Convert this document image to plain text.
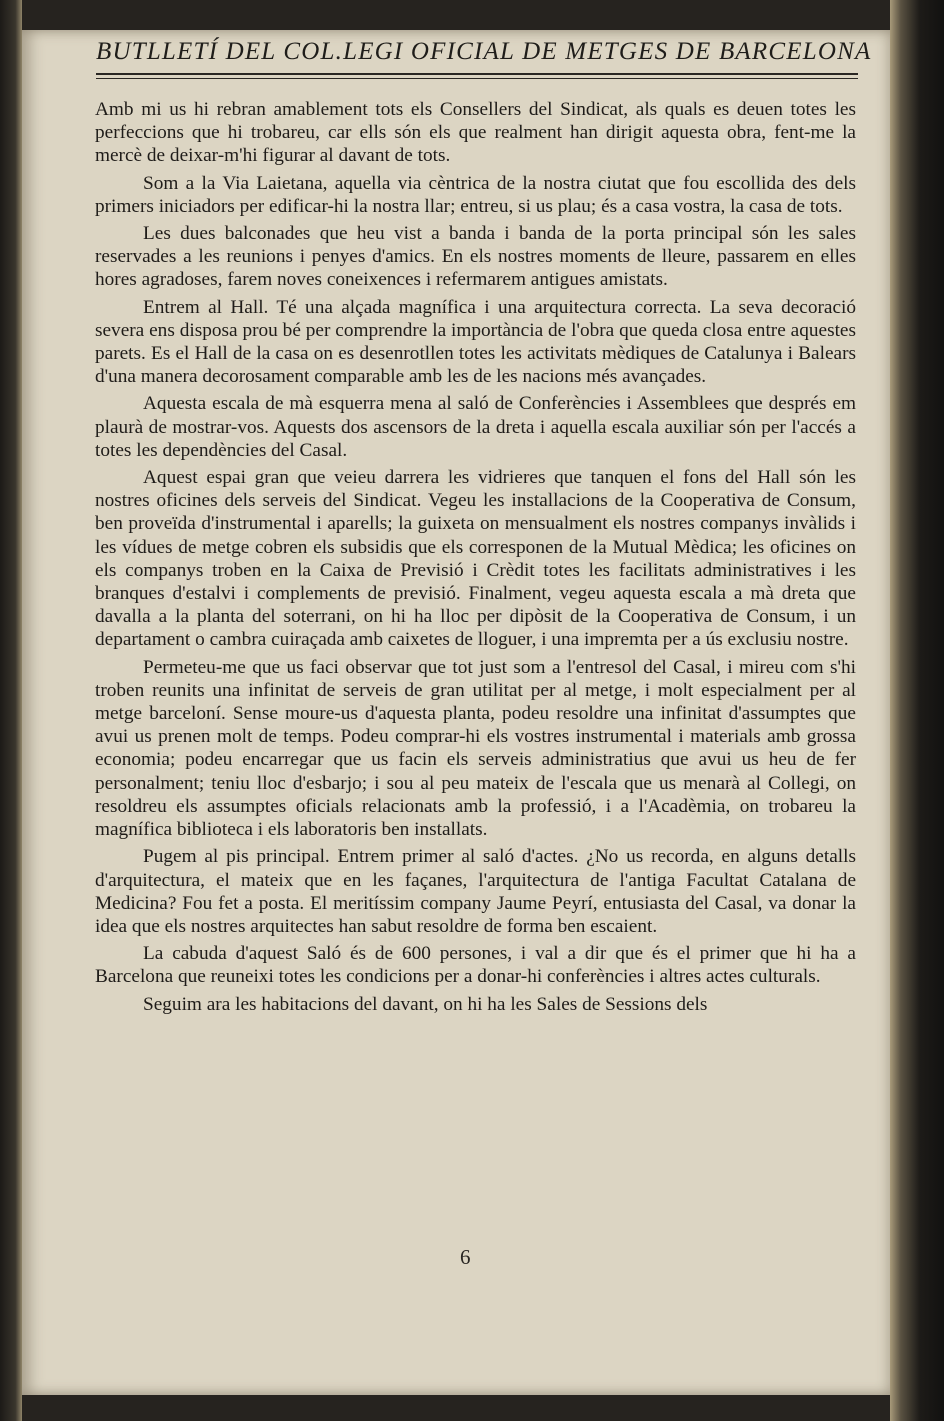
BUTLLETÍ DEL COL.LEGI OFICIAL DE METGES DE BARCELONA

Amb mi us hi rebran amablement tots els Consellers del Sindicat, als quals es deuen totes les perfeccions que hi trobareu, car ells són els que realment han dirigit aquesta obra, fent-me la mercè de deixar-m'hi figurar al davant de tots.

Som a la Via Laietana, aquella via cèntrica de la nostra ciutat que fou escollida des dels primers iniciadors per edificar-hi la nostra llar; entreu, si us plau; és a casa vostra, la casa de tots.

Les dues balconades que heu vist a banda i banda de la porta principal són les sales reservades a les reunions i penyes d'amics. En els nostres moments de lleure, passarem en elles hores agradoses, farem noves coneixences i refermarem antigues amistats.

Entrem al Hall. Té una alçada magnífica i una arquitectura correcta. La seva decoració severa ens disposa prou bé per comprendre la importància de l'obra que queda closa entre aquestes parets. Es el Hall de la casa on es desenrotllen totes les activitats mèdiques de Catalunya i Balears d'una manera decorosament comparable amb les de les nacions més avançades.

Aquesta escala de mà esquerra mena al saló de Conferències i Assemblees que després em plaurà de mostrar-vos. Aquests dos ascensors de la dreta i aquella escala auxiliar són per l'accés a totes les dependències del Casal.

Aquest espai gran que veieu darrera les vidrieres que tanquen el fons del Hall són les nostres oficines dels serveis del Sindicat. Vegeu les installacions de la Cooperativa de Consum, ben proveïda d'instrumental i aparells; la guixeta on mensualment els nostres companys invàlids i les vídues de metge cobren els subsidis que els corresponen de la Mutual Mèdica; les oficines on els companys troben en la Caixa de Previsió i Crèdit totes les facilitats administratives i les branques d'estalvi i complements de previsió. Finalment, vegeu aquesta escala a mà dreta que davalla a la planta del soterrani, on hi ha lloc per dipòsit de la Cooperativa de Consum, i un departament o cambra cuiraçada amb caixetes de lloguer, i una impremta per a ús exclusiu nostre.

Permeteu-me que us faci observar que tot just som a l'entresol del Casal, i mireu com s'hi troben reunits una infinitat de serveis de gran utilitat per al metge, i molt especialment per al metge barceloní. Sense moure-us d'aquesta planta, podeu resoldre una infinitat d'assumptes que avui us prenen molt de temps. Podeu comprar-hi els vostres instrumental i materials amb grossa economia; podeu encarregar que us facin els serveis administratius que avui us heu de fer personalment; teniu lloc d'esbarjo; i sou al peu mateix de l'escala que us menarà al Collegi, on resoldreu els assumptes oficials relacionats amb la professió, i a l'Acadèmia, on trobareu la magnífica biblioteca i els laboratoris ben installats.

Pugem al pis principal. Entrem primer al saló d'actes. ¿No us recorda, en alguns detalls d'arquitectura, el mateix que en les façanes, l'arquitectura de l'antiga Facultat Catalana de Medicina? Fou fet a posta. El meritíssim company Jaume Peyrí, entusiasta del Casal, va donar la idea que els nostres arquitectes han sabut resoldre de forma ben escaient.

La cabuda d'aquest Saló és de 600 persones, i val a dir que és el primer que hi ha a Barcelona que reuneixi totes les condicions per a donar-hi conferències i altres actes culturals.

Seguim ara les habitacions del davant, on hi ha les Sales de Sessions dels

6
